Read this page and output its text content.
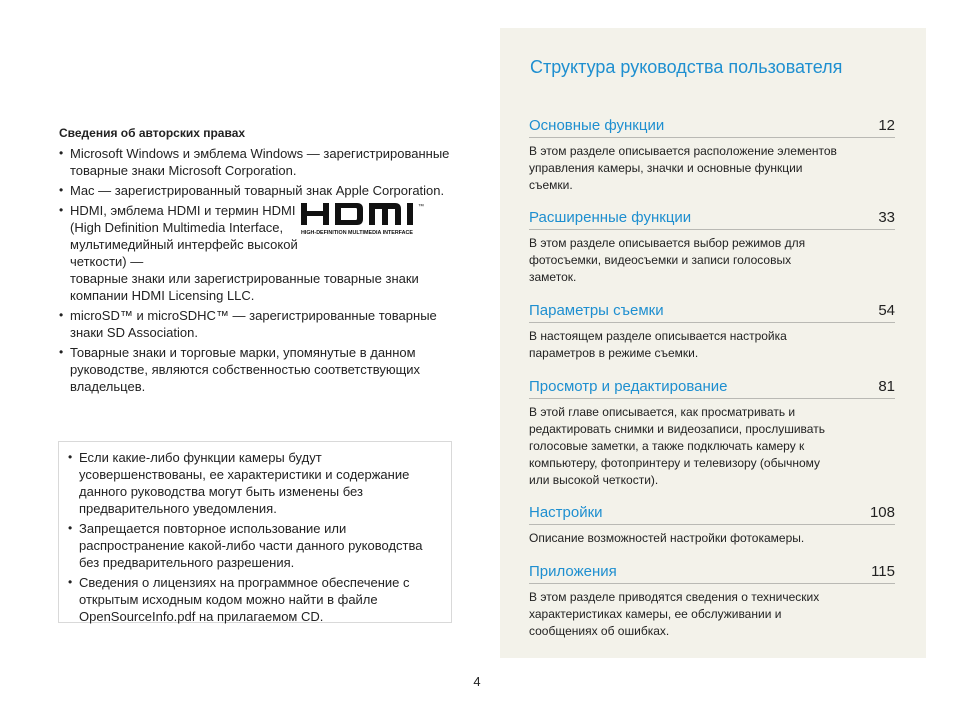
Сведения об авторских правах
• Microsoft Windows и эмблема Windows — зарегистрированные товарные знаки Microsoft Corporation.
• Mac — зарегистрированный товарный знак Apple Corporation.
• HDMI, эмблема HDMI и термин HDMI (High Definition Multimedia Interface, мультимедийный интерфейс высокой четкости) —
товарные знаки или зарегистрированные товарные знаки компании HDMI Licensing LLC.
™
HIGH-DEFINITION MULTIMEDIA INTERFACE
• microSD™ и microSDHC™ — зарегистрированные товарные знаки SD Association.
• Товарные знаки и торговые марки, упомянутые в данном руководстве, являются собственностью соответствующих владельцев.
• Если какие-либо функции камеры будут усовершенствованы, ее характеристики и содержание данного руководства могут быть изменены без предварительного уведомления.
• Запрещается повторное использование или распространение какой-либо части данного руководства без предварительного разрешения.
• Сведения о лицензиях на программное обеспечение с открытым исходным кодом можно найти в файле OpenSourceInfo.pdf на прилагаемом CD.
Структура руководства пользователя
Основные функции	12
В этом разделе описывается расположение элементов управления камеры, значки и основные функции съемки.
Расширенные функции	33
В этом разделе описывается выбор режимов для фотосъемки, видеосъемки и записи голосовых заметок.
Параметры съемки	54
В настоящем разделе описывается настройка параметров в режиме съемки.
Просмотр и редактирование	81
В этой главе описывается, как просматривать и редактировать снимки и видеозаписи, прослушивать голосовые заметки, а также подключать камеру к компьютеру, фотопринтеру и телевизору (обычному или высокой четкости).
Настройки	108
Описание возможностей настройки фотокамеры.
Приложения	115
В этом разделе приводятся сведения о технических характеристиках камеры, ее обслуживании и сообщениях об ошибках.
4
